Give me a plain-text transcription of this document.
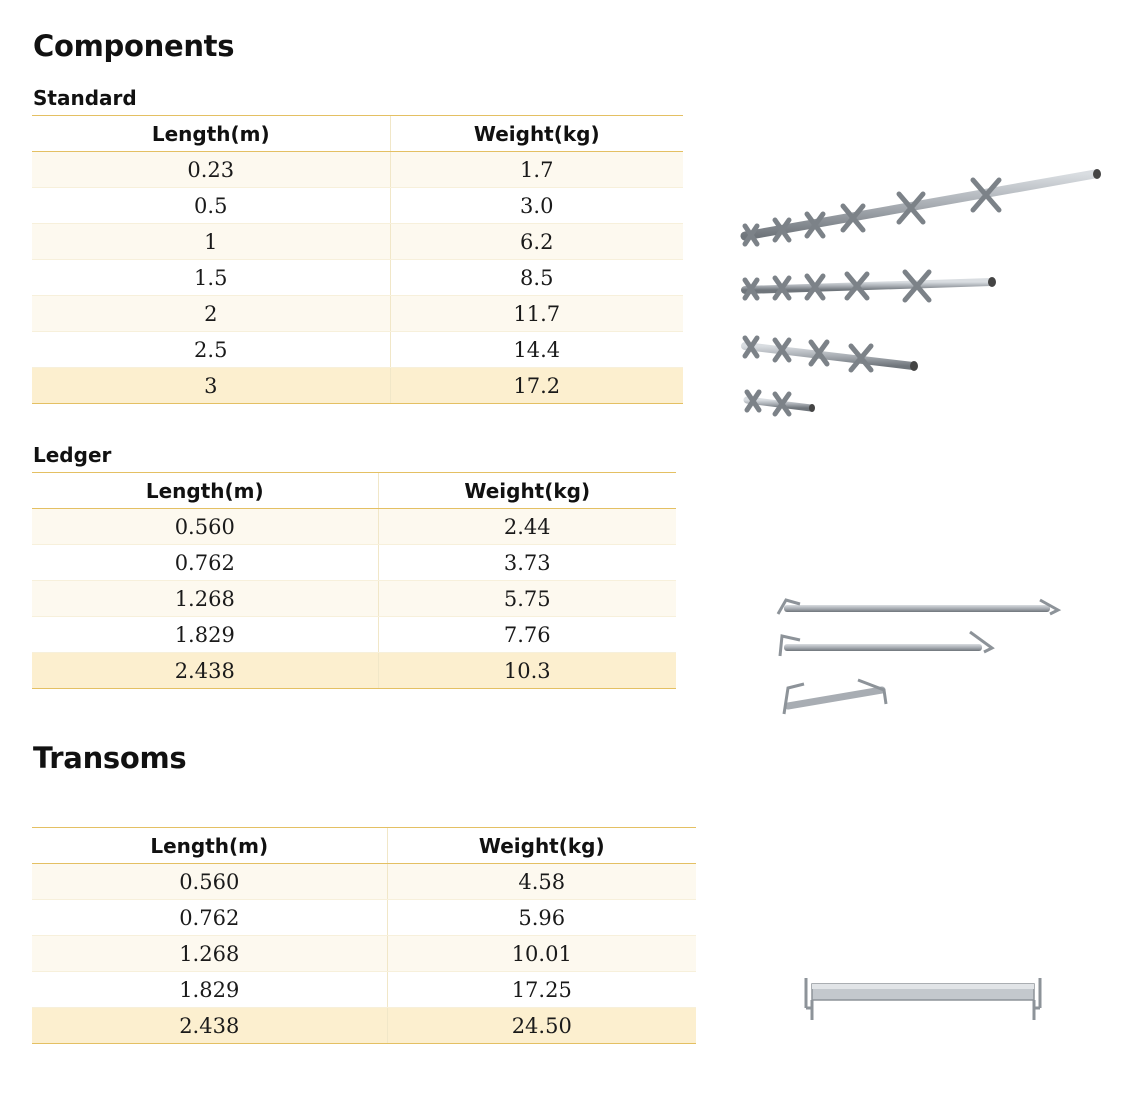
Components
Standard
Length(m)	Weight(kg)
0.23	1.7
0.5	3.0
1	6.2
1.5	8.5
2	11.7
2.5	14.4
3	17.2
Ledger
Length(m)	Weight(kg)
0.560	2.44
0.762	3.73
1.268	5.75
1.829	7.76
2.438	10.3
Transoms
Length(m)	Weight(kg)
0.560	4.58
0.762	5.96
1.268	10.01
1.829	17.25
2.438	24.50
